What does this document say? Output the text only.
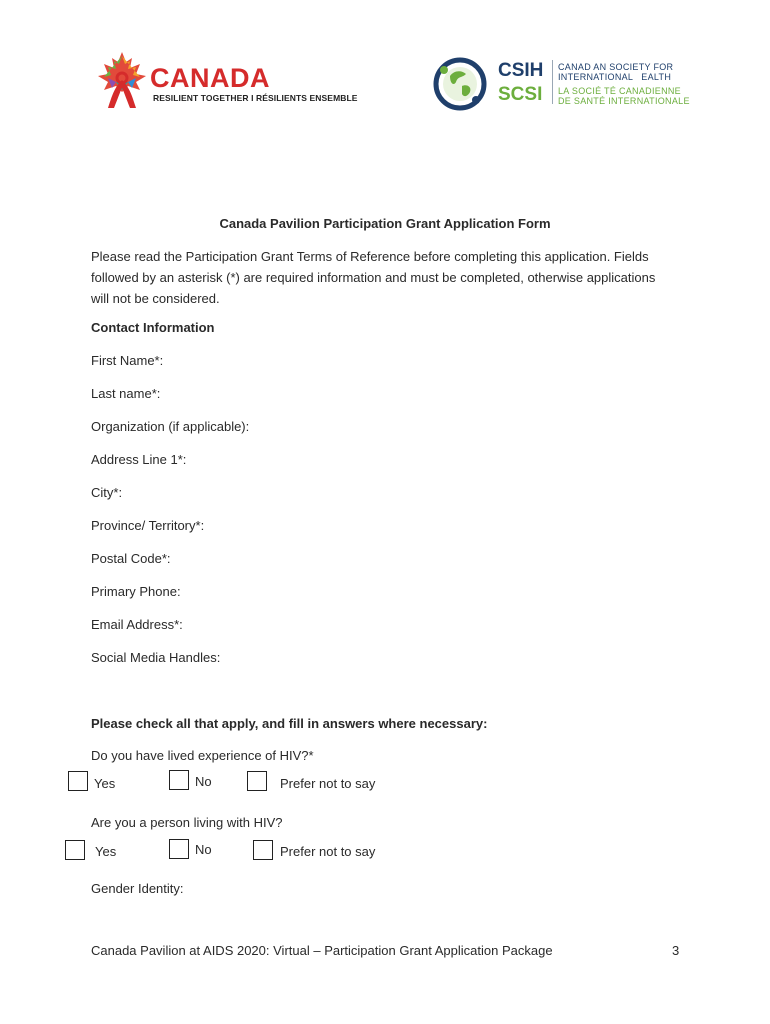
CANADA
RESILIENT TOGETHER I RÉSILIENTS ENSEMBLE
CSIH
SCSI
CANAD AN SOCIETY FOR
INTERNATIONAL   EALTH
LA SOCIÉ TÉ CANADIENNE
DE SANTÉ INTERNATIONALE
Canada Pavilion Participation Grant Application Form
Please read the Participation Grant Terms of Reference before completing this application. Fields
followed by an asterisk (*) are required information and must be completed, otherwise applications
will not be considered.
Contact Information
First Name*:
Last name*:
Organization (if applicable):
Address Line 1*:
City*:
Province/ Territory*:
Postal Code*:
Primary Phone:
Email Address*:
Social Media Handles:
Please check all that apply, and fill in answers where necessary:
Do you have lived experience of HIV?*
Yes	No	Prefer not to say
Are you a person living with HIV?
Yes	No	Prefer not to say
Gender Identity:
Canada Pavilion at AIDS 2020: Virtual – Participation Grant Application Package	3
